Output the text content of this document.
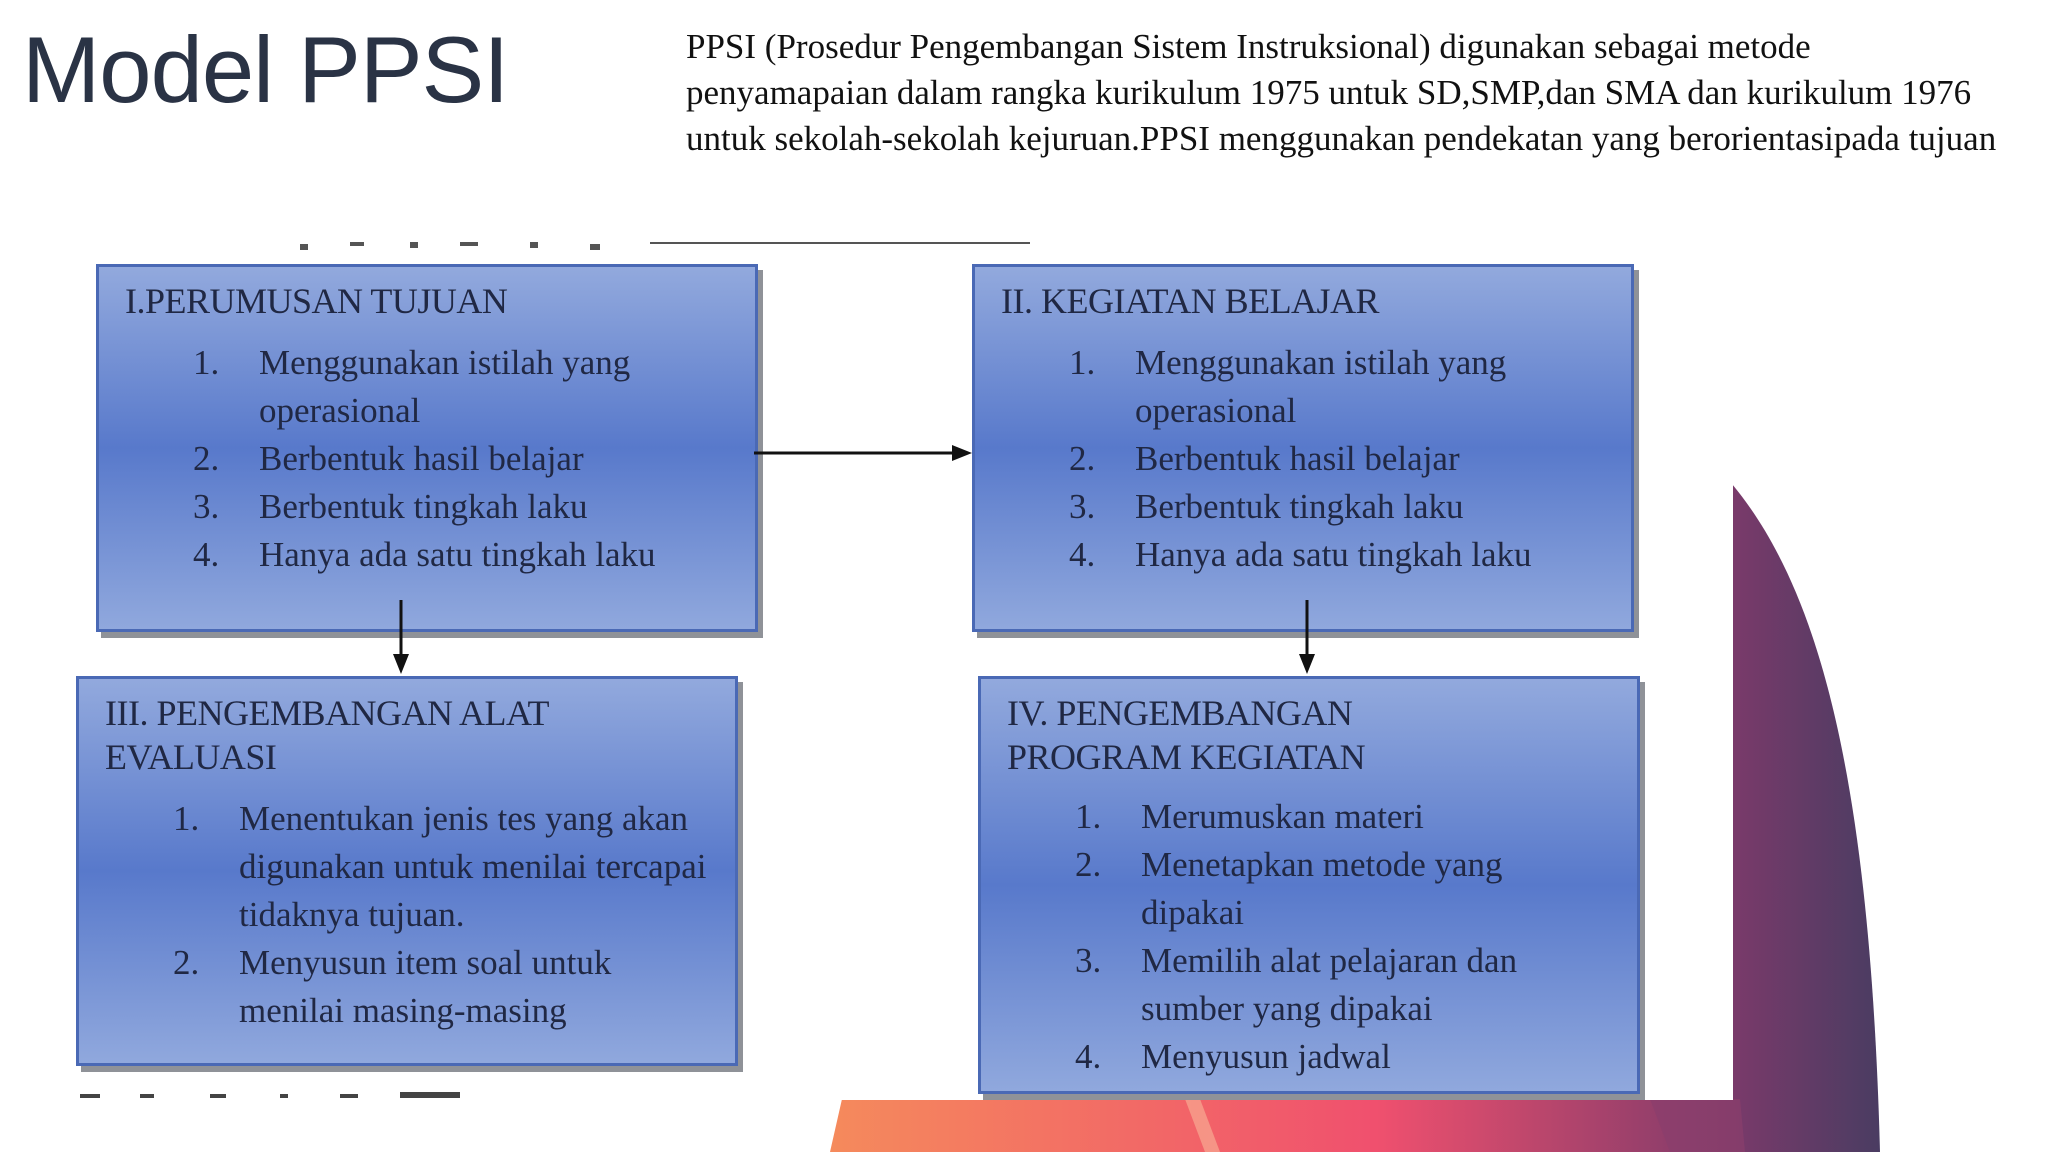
Model PPSI	PPSI (Prosedur Pengembangan Sistem Instruksional) digunakan sebagai metode penyamapaian dalam rangka kurikulum 1975 untuk SD,SMP,dan SMA dan kurikulum 1976 untuk sekolah-sekolah kejuruan.PPSI menggunakan pendekatan yang berorientasipada tujuan
I.PERUMUSAN TUJUAN
1. Menggunakan istilah yang operasional
2. Berbentuk hasil belajar
3. Berbentuk tingkah laku
4. Hanya ada satu tingkah laku
II. KEGIATAN BELAJAR
1. Menggunakan istilah yang operasional
2. Berbentuk hasil belajar
3. Berbentuk tingkah laku
4. Hanya ada satu tingkah laku
III. PENGEMBANGAN ALAT EVALUASI
1. Menentukan jenis tes yang akan digunakan untuk menilai tercapai tidaknya tujuan.
2. Menyusun item soal untuk menilai masing-masing
IV. PENGEMBANGAN PROGRAM KEGIATAN
1. Merumuskan materi
2. Menetapkan metode yang dipakai
3. Memilih alat pelajaran dan sumber yang dipakai
4. Menyusun jadwal
